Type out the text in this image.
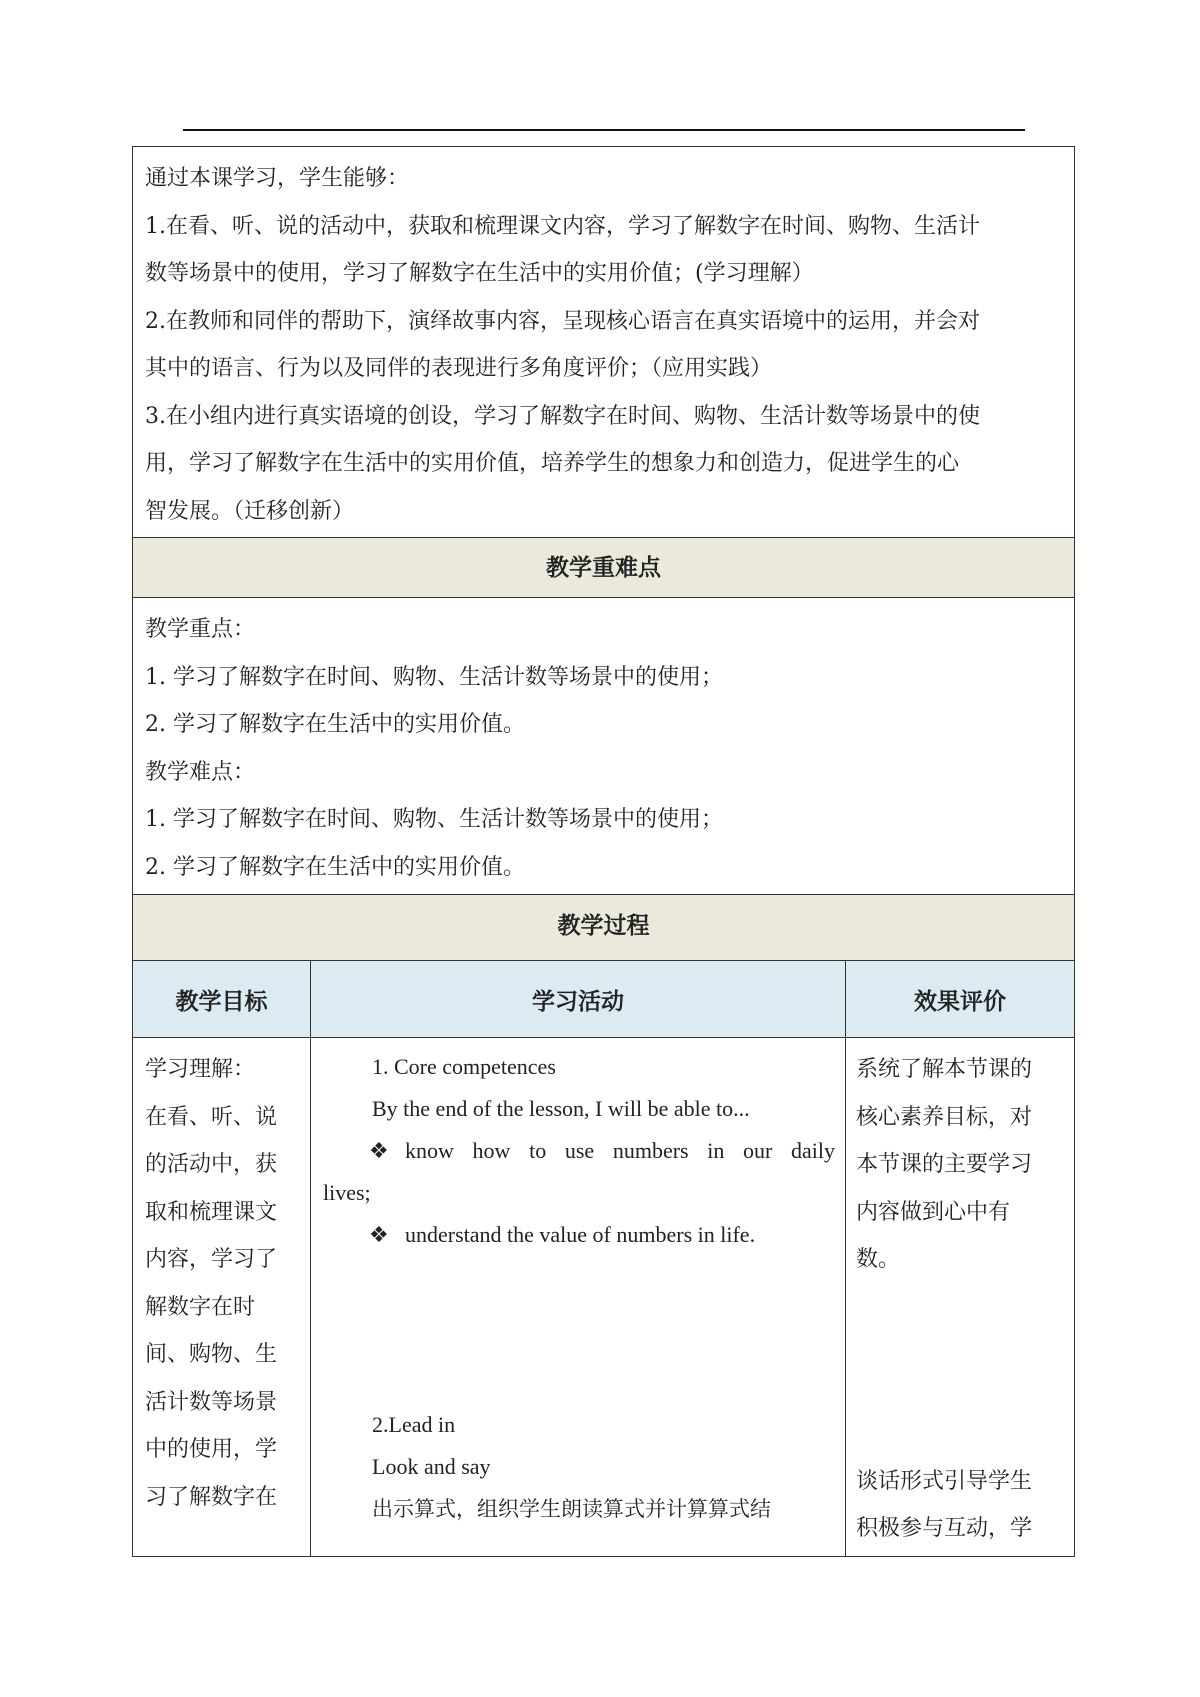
通过本课学习，学生能够：

1.在看、听、说的活动中，获取和梳理课文内容，学习了解数字在时间、购物、生活计

数等场景中的使用，学习了解数字在生活中的实用价值；(学习理解）

2.在教师和同伴的帮助下，演绎故事内容，呈现核心语言在真实语境中的运用，并会对

其中的语言、行为以及同伴的表现进行多角度评价；（应用实践）

3.在小组内进行真实语境的创设，学习了解数字在时间、购物、生活计数等场景中的使

用，学习了解数字在生活中的实用价值，培养学生的想象力和创造力，促进学生的心

智发展。（迁移创新）

教学重难点

教学重点：

1. 学习了解数字在时间、购物、生活计数等场景中的使用；

2. 学习了解数字在生活中的实用价值。

教学难点：

1. 学习了解数字在时间、购物、生活计数等场景中的使用；

2. 学习了解数字在生活中的实用价值。

教学过程
教学目标	学习活动	效果评价
学习理解：
在看、听、说
的活动中，获
取和梳理课文
内容，学习了
解数字在时
间、购物、生
活计数等场景
中的使用，学
习了解数字在
1. Core competences
By the end of the lesson, I will be able to...
❖ know how to use numbers in our daily
lives;
❖ understand the value of numbers in life.
2.Lead in
Look and say
出示算式，组织学生朗读算式并计算算式结
系统了解本节课的
核心素养目标，对
本节课的主要学习
内容做到心中有
数。
谈话形式引导学生
积极参与互动，学
